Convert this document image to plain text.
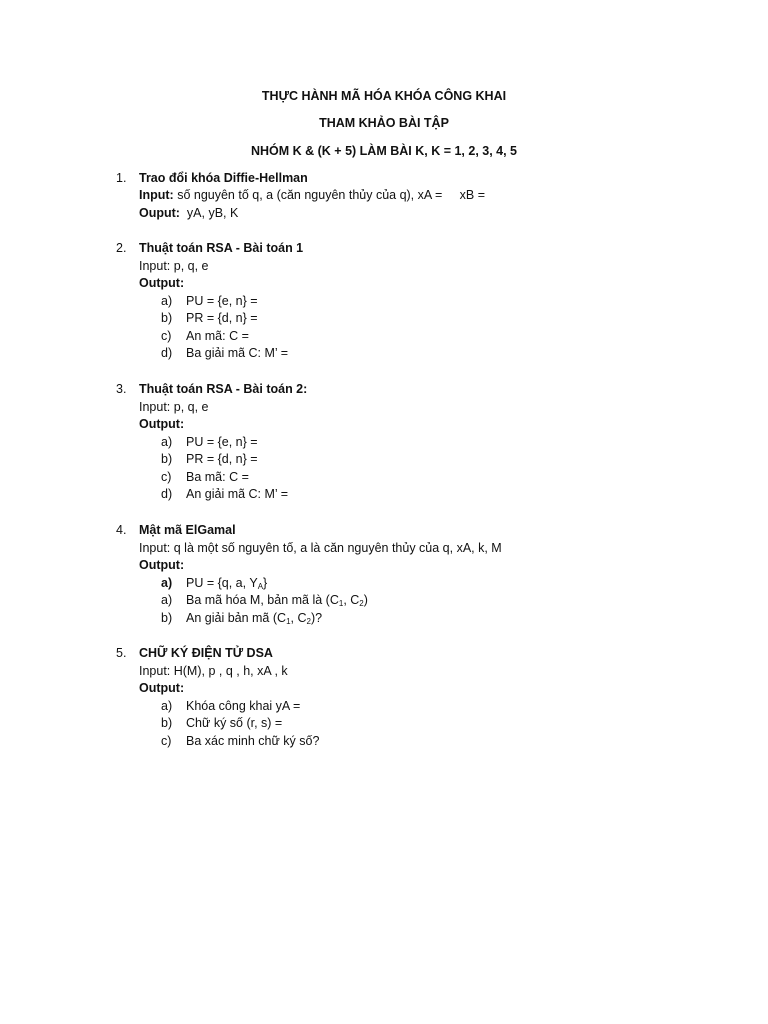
THỰC HÀNH MÃ HÓA KHÓA CÔNG KHAI
THAM KHẢO BÀI TẬP
NHÓM K & (K + 5) LÀM BÀI K, K = 1, 2, 3, 4, 5
1. Trao đổi khóa Diffie-Hellman
Input: số nguyên tố q, a (căn nguyên thủy của q), xA =     xB =
Ouput:  yA, yB, K
2. Thuật toán RSA - Bài toán 1
Input: p, q, e
Output:
a) PU = {e, n} =
b) PR = {d, n} =
c) An mã: C =
d) Ba giải mã C: M’ =
3. Thuật toán RSA - Bài toán 2:
Input: p, q, e
Output:
a) PU = {e, n} =
b) PR = {d, n} =
c) Ba mã: C =
d) An giải mã C: M’ =
4. Mật mã ElGamal
Input: q là một số nguyên tố, a là căn nguyên thủy của q, xA, k, M
Output:
a) PU = {q, a, $Y_A$}
a) Ba mã hóa M, bản mã là ($C_1$, $C_2$)
b) An giải bản mã ($C_1$, $C_2$)?
5. CHỮ KÝ ĐIỆN TỬ DSA
Input: H(M), p , q , h, xA , k
Output:
a) Khóa công khai yA =
b) Chữ ký số (r, s) =
c) Ba xác minh chữ ký số?
